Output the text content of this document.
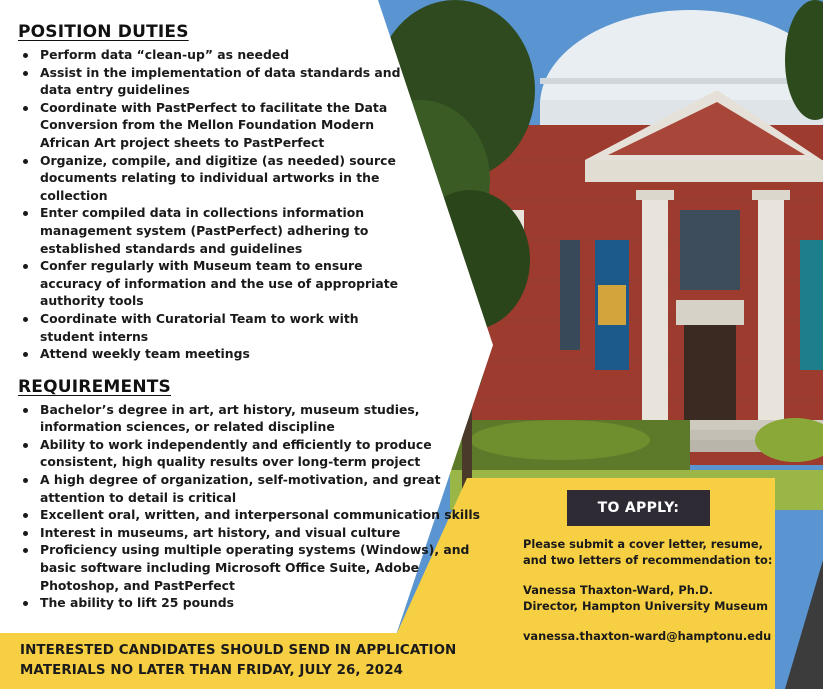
POSITION DUTIES
Perform data “clean-up” as needed
Assist in the implementation of data standards and data entry guidelines
Coordinate with PastPerfect to facilitate the Data Conversion from the Mellon Foundation Modern African Art project sheets to PastPerfect
Organize, compile, and digitize (as needed) source documents relating to individual artworks in the collection
Enter compiled data in collections information management system (PastPerfect) adhering to established standards and guidelines
Confer regularly with Museum team to ensure accuracy of information and the use of appropriate authority tools
Coordinate with Curatorial Team to work with student interns
Attend weekly team meetings
REQUIREMENTS
Bachelor’s degree in art, art history, museum studies, information sciences, or related discipline
Ability to work independently and efficiently to produce consistent, high quality results over long-term project
A high degree of organization, self-motivation, and great attention to detail is critical
Excellent oral, written, and interpersonal communication skills
Interest in museums, art history, and visual culture
Proficiency using multiple operating systems (Windows), and basic software including Microsoft Office Suite, Adobe Photoshop, and PastPerfect
The ability to lift 25 pounds
INTERESTED CANDIDATES SHOULD SEND IN APPLICATION MATERIALS NO LATER THAN FRIDAY, JULY 26, 2024
TO APPLY:

Please submit a cover letter, resume, and two letters of recommendation to:

Vanessa Thaxton-Ward, Ph.D.

Director, Hampton University Museum

vanessa.thaxton-ward@hamptonu.edu
